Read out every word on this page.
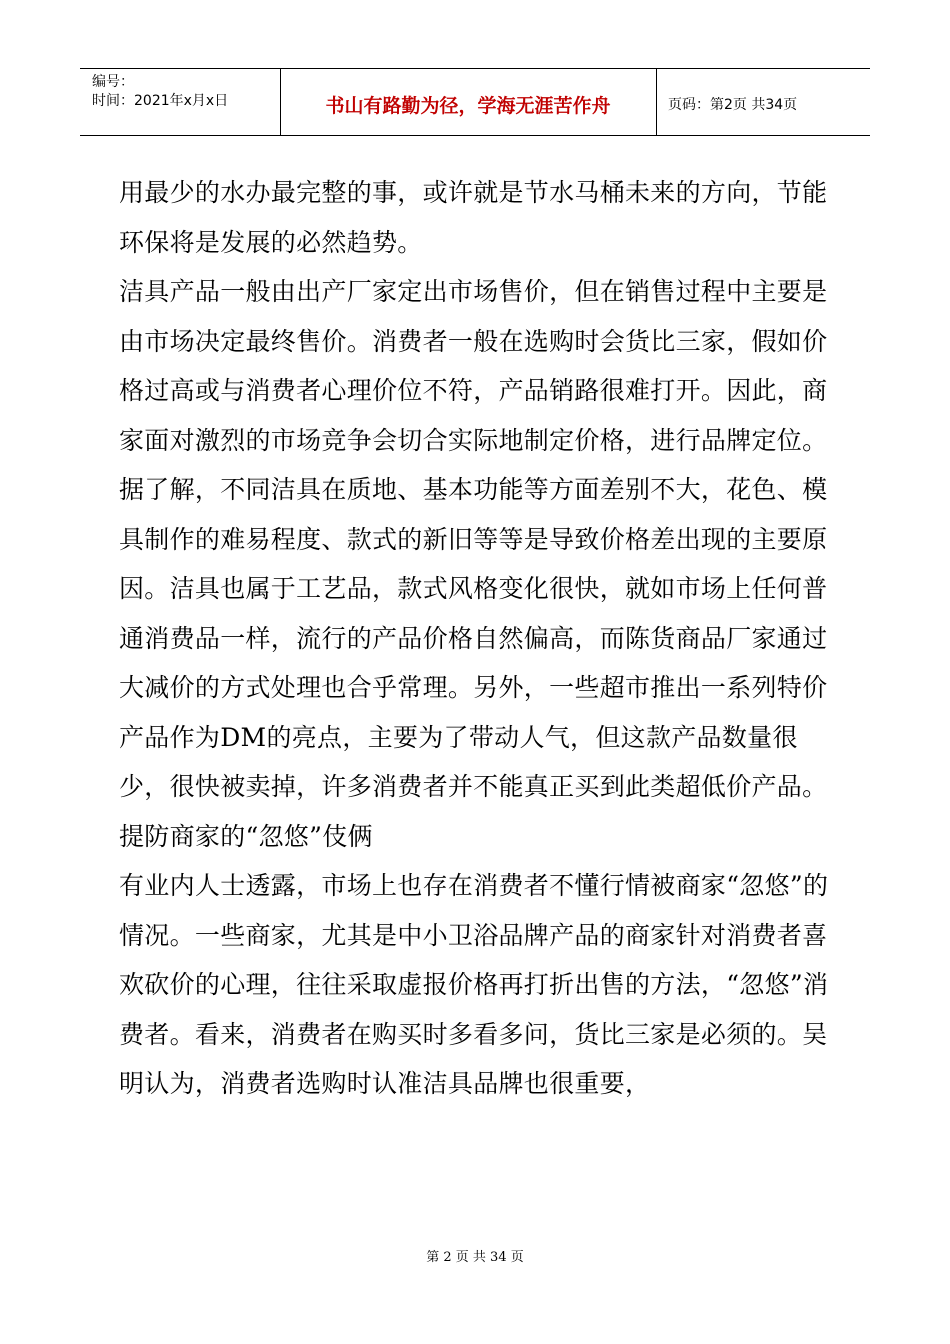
编号：
时间：2021年x月x日	书山有路勤为径，学海无涯苦作舟	页码：第2页 共34页

用最少的水办最完整的事，或许就是节水马桶未来的方向，节能环保将是发展的必然趋势。

洁具产品一般由出产厂家定出市场售价，但在销售过程中主要是由市场决定最终售价。消费者一般在选购时会货比三家，假如价格过高或与消费者心理价位不符，产品销路很难打开。因此，商家面对激烈的市场竞争会切合实际地制定价格，进行品牌定位。

据了解，不同洁具在质地、基本功能等方面差别不大，花色、模具制作的难易程度、款式的新旧等等是导致价格差出现的主要原因。洁具也属于工艺品，款式风格变化很快，就如市场上任何普通消费品一样，流行的产品价格自然偏高，而陈货商品厂家通过大减价的方式处理也合乎常理。另外，一些超市推出一系列特价产品作为DM的亮点，主要为了带动人气，但这款产品数量很少，很快被卖掉，许多消费者并不能真正买到此类超低价产品。

提防商家的“忽悠”伎俩

有业内人士透露，市场上也存在消费者不懂行情被商家“忽悠”的情况。一些商家，尤其是中小卫浴品牌产品的商家针对消费者喜欢砍价的心理，往往采取虚报价格再打折出售的方法，“忽悠”消费者。看来，消费者在购买时多看多问，货比三家是必须的。吴明认为，消费者选购时认准洁具品牌也很重要，

第 2 页 共 34 页
